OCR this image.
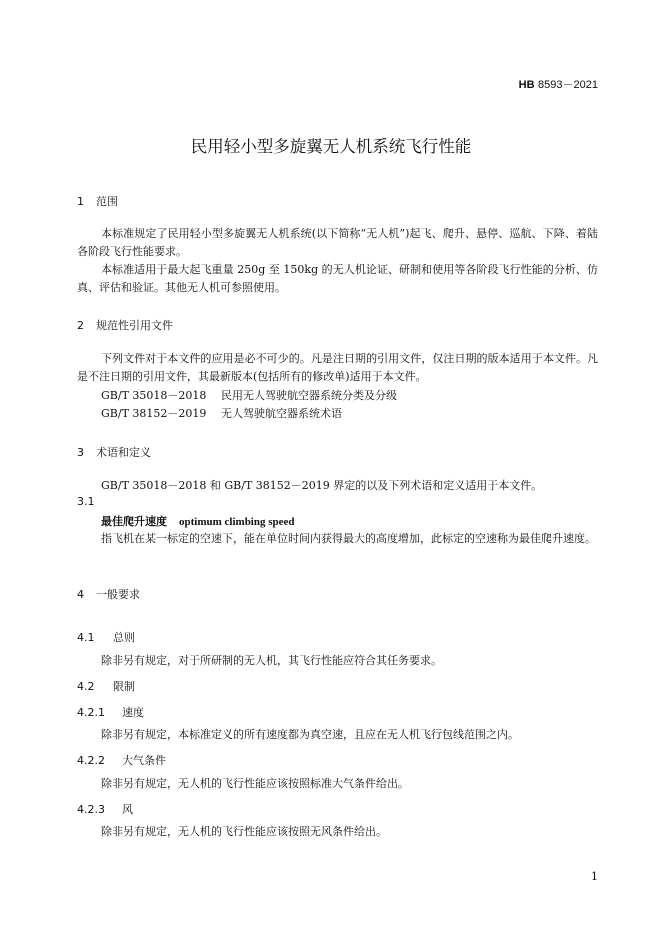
HB 8593－2021
民用轻小型多旋翼无人机系统飞行性能
1 范围
本标准规定了民用轻小型多旋翼无人机系统(以下简称“无人机”)起飞、爬升、悬停、巡航、下降、着陆各阶段飞行性能要求。
本标准适用于最大起飞重量 250g 至 150kg 的无人机论证、研制和使用等各阶段飞行性能的分析、仿真、评估和验证。其他无人机可参照使用。
2 规范性引用文件
下列文件对于本文件的应用是必不可少的。凡是注日期的引用文件，仅注日期的版本适用于本文件。凡是不注日期的引用文件，其最新版本(包括所有的修改单)适用于本文件。
GB/T 35018－2018 民用无人驾驶航空器系统分类及分级
GB/T 38152－2019 无人驾驶航空器系统术语
3 术语和定义
GB/T 35018－2018 和 GB/T 38152－2019 界定的以及下列术语和定义适用于本文件。
3.1
最佳爬升速度 optimum climbing speed
指飞机在某一标定的空速下，能在单位时间内获得最大的高度增加，此标定的空速称为最佳爬升速度。
4 一般要求
4.1 总则
除非另有规定，对于所研制的无人机，其飞行性能应符合其任务要求。
4.2 限制
4.2.1 速度
除非另有规定，本标准定义的所有速度都为真空速，且应在无人机飞行包线范围之内。
4.2.2 大气条件
除非另有规定，无人机的飞行性能应该按照标准大气条件给出。
4.2.3 风
除非另有规定，无人机的飞行性能应该按照无风条件给出。
1
